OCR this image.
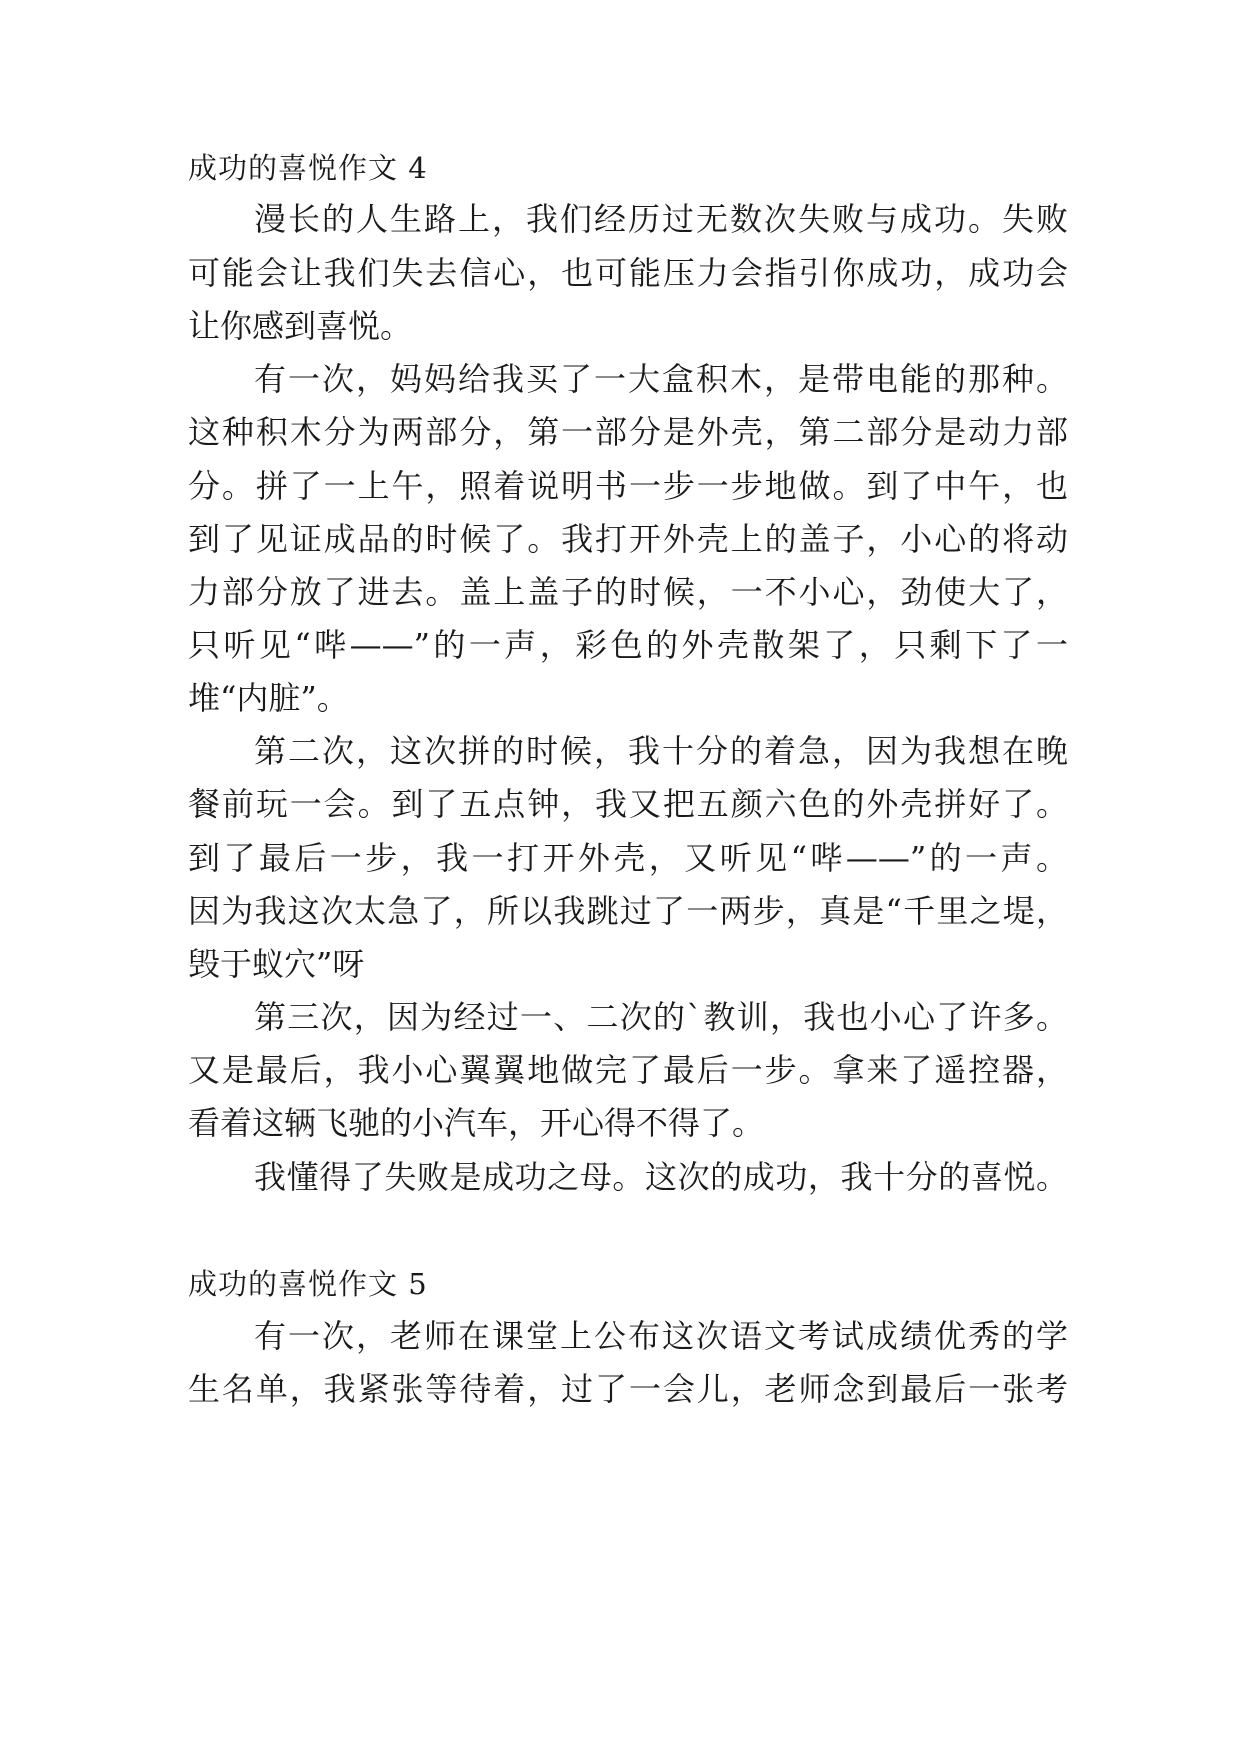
成功的喜悦作文 4
漫长的人生路上，我们经历过无数次失败与成功。失败
可能会让我们失去信心，也可能压力会指引你成功，成功会
让你感到喜悦。
有一次，妈妈给我买了一大盒积木，是带电能的那种。
这种积木分为两部分，第一部分是外壳，第二部分是动力部
分。拼了一上午，照着说明书一步一步地做。到了中午，也
到了见证成品的时候了。我打开外壳上的盖子，小心的将动
力部分放了进去。盖上盖子的时候，一不小心，劲使大了，
只听见“哔——”的一声，彩色的外壳散架了，只剩下了一
堆“内脏”。
第二次，这次拼的时候，我十分的着急，因为我想在晚
餐前玩一会。到了五点钟，我又把五颜六色的外壳拼好了。
到了最后一步，我一打开外壳，又听见“哔——”的一声。
因为我这次太急了，所以我跳过了一两步，真是“千里之堤，
毁于蚁穴”呀
第三次，因为经过一、二次的`教训，我也小心了许多。
又是最后，我小心翼翼地做完了最后一步。拿来了遥控器，
看着这辆飞驰的小汽车，开心得不得了。
我懂得了失败是成功之母。这次的成功，我十分的喜悦。
成功的喜悦作文 5
有一次，老师在课堂上公布这次语文考试成绩优秀的学
生名单，我紧张等待着，过了一会儿，老师念到最后一张考
